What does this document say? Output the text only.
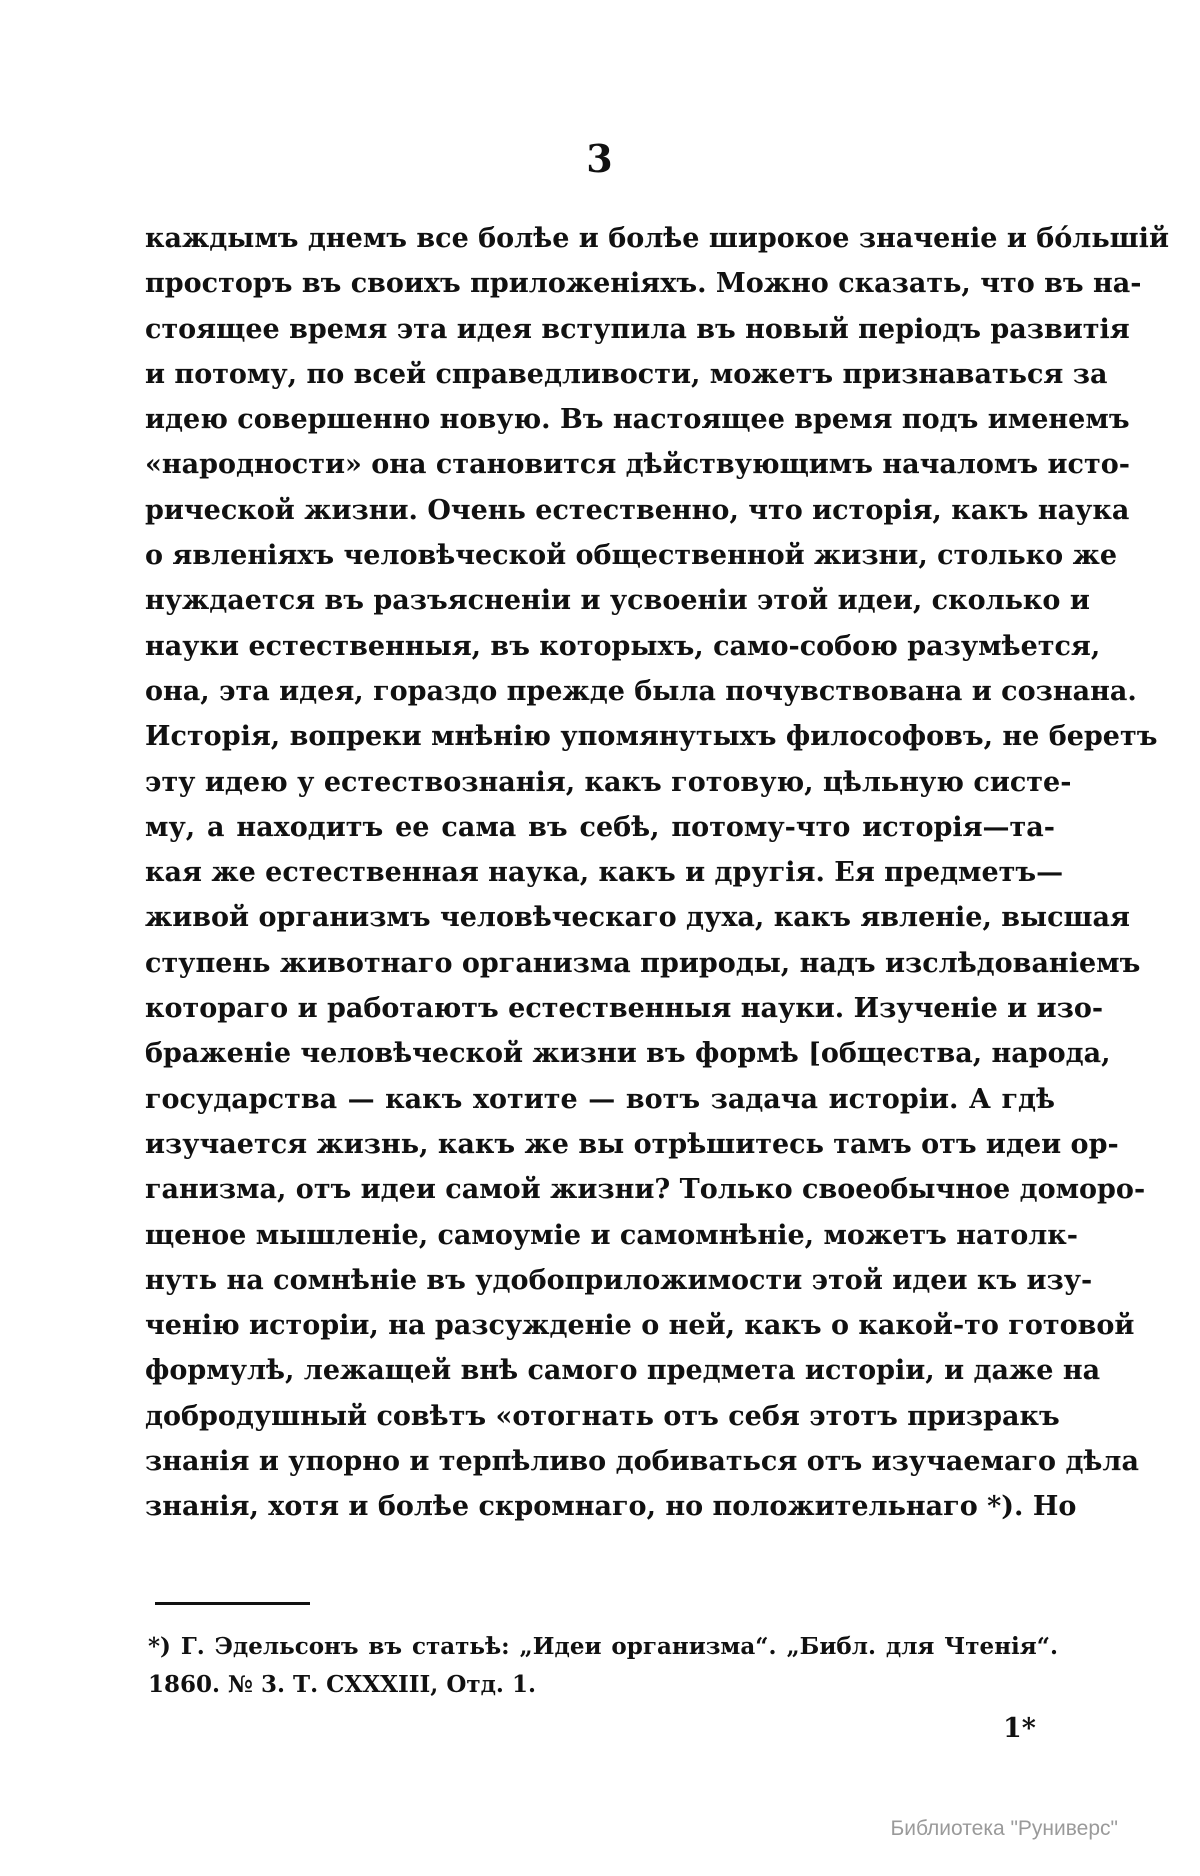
3
каждымъ днемъ все болѣе и болѣе широкое значенiе и бóльшiй
просторъ въ своихъ приложенiяхъ. Можно сказать, что въ на-
стоящее время эта идея вступила въ новый перiодъ развитiя
и потому, по всей справедливости, можетъ признаваться за
идею совершенно новую. Въ настоящее время подъ именемъ
«народности» она становится дѣйствующимъ началомъ исто-
рической жизни. Очень естественно, что исторiя, какъ наука
о явленiяхъ человѣческой общественной жизни, столько же
нуждается въ разъясненiи и усвоенiи этой идеи, сколько и
науки естественныя, въ которыхъ, само-собою разумѣется,
она, эта идея, гораздо прежде была почувствована и сознана.
Исторiя, вопреки мнѣнiю упомянутыхъ философовъ, не беретъ
эту идею у естествознанiя, какъ готовую, цѣльную систе-
му, а находитъ ее сама въ себѣ, потому-что исторiя—та-
кая же естественная наука, какъ и другiя. Ея предметъ—
живой организмъ человѣческаго духа, какъ явленiе, высшая
ступень животнаго организма природы, надъ изслѣдованiемъ
котораго и работаютъ естественныя науки. Изученiе и изо-
браженiе человѣческой жизни въ формѣ [общества, народа,
государства — какъ хотите — вотъ задача исторiи. А гдѣ
изучается жизнь, какъ же вы отрѣшитесь тамъ отъ идеи ор-
ганизма, отъ идеи самой жизни? Только своеобычное доморо-
щеное мышленiе, самоумiе и самомнѣнiе, можетъ натолк-
нуть на сомнѣнiе въ удобоприложимости этой идеи къ изу-
ченiю исторiи, на разсужденiе о ней, какъ о какой-то готовой
формулѣ, лежащей внѣ самого предмета исторiи, и даже на
добродушный совѣтъ «отогнать отъ себя этотъ призракъ
знанiя и упорно и терпѣливо добиваться отъ изучаемаго дѣла
знанiя, хотя и болѣе скромнаго, но положительнаго *). Но
*) Г. Эдельсонъ въ статьѣ: „Идеи организма“. „Библ. для Чтенiя“.
1860. № 3. Т. CXXXIII, Отд. 1.
1*
Библиотека "Руниверс"
